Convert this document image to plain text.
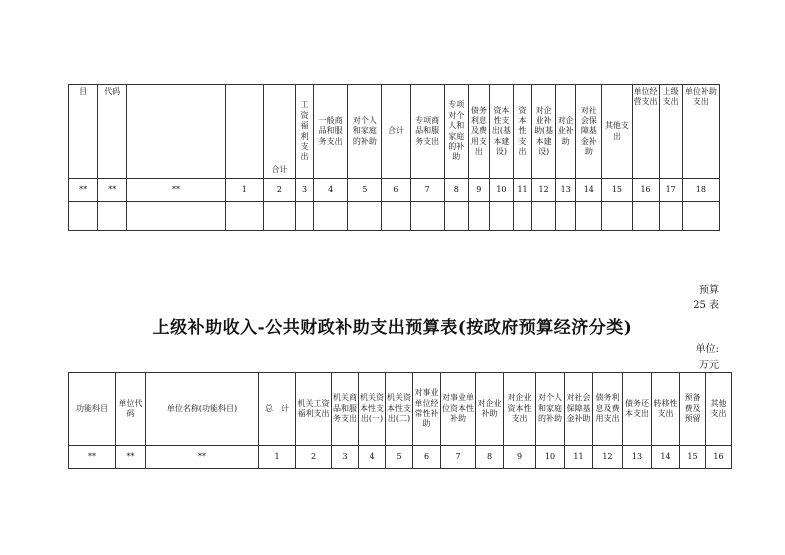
目	代码			合计	工资福利支出	一般商品和服务支出	对个人和家庭的补助	合计	专项商品和服务支出	专项对个人和家庭的补助	债务利息及费用支出	资本性支出(基本建设)	资本性支出	对企业补助(基本建设)	对企业补助	对社会保障基金补助	其他支出	单位经营支出	上级支出	单位补助支出

**	**	**	1	2	3	4	5	6	7	8	9	10	11	12	13	14	15	16	17	18

预算
25 表
上级补助收入-公共财政补助支出预算表(按政府预算经济分类)
单位:
万元
功能科目	单位代码	单位名称(功能科目)	总　计	机关工资福利支出	机关商品和服务支出	机关资本性支出(一)	机关资本性支出(二)	对事业单位经常性补助	对事业单位资本性补助	对企业补助	对企业资本性支出	对个人和家庭的补助	对社会保障基金补助	债务利息及费用支出	债务还本支出	转移性支出	预备费及预留	其他支出

**	**	**	1	2	3	4	5	6	7	8	9	10	11	12	13	14	15	16
